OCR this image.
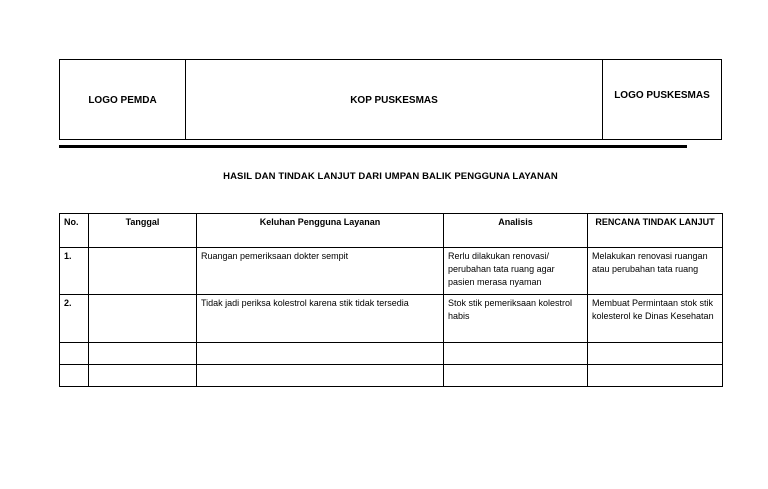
LOGO PEMDA	KOP PUSKESMAS	LOGO PUSKESMAS
HASIL DAN TINDAK LANJUT DARI UMPAN BALIK PENGGUNA LAYANAN
No.	Tanggal	Keluhan Pengguna Layanan	Analisis	RENCANA TINDAK LANJUT
1.		Ruangan pemeriksaan dokter sempit	Rerlu dilakukan renovasi/ perubahan tata ruang agar pasien merasa nyaman	Melakukan renovasi ruangan atau perubahan tata ruang
2.		Tidak jadi periksa kolestrol karena stik tidak tersedia	Stok stik pemeriksaan kolestrol habis	Membuat Permintaan stok stik kolesterol ke Dinas Kesehatan
